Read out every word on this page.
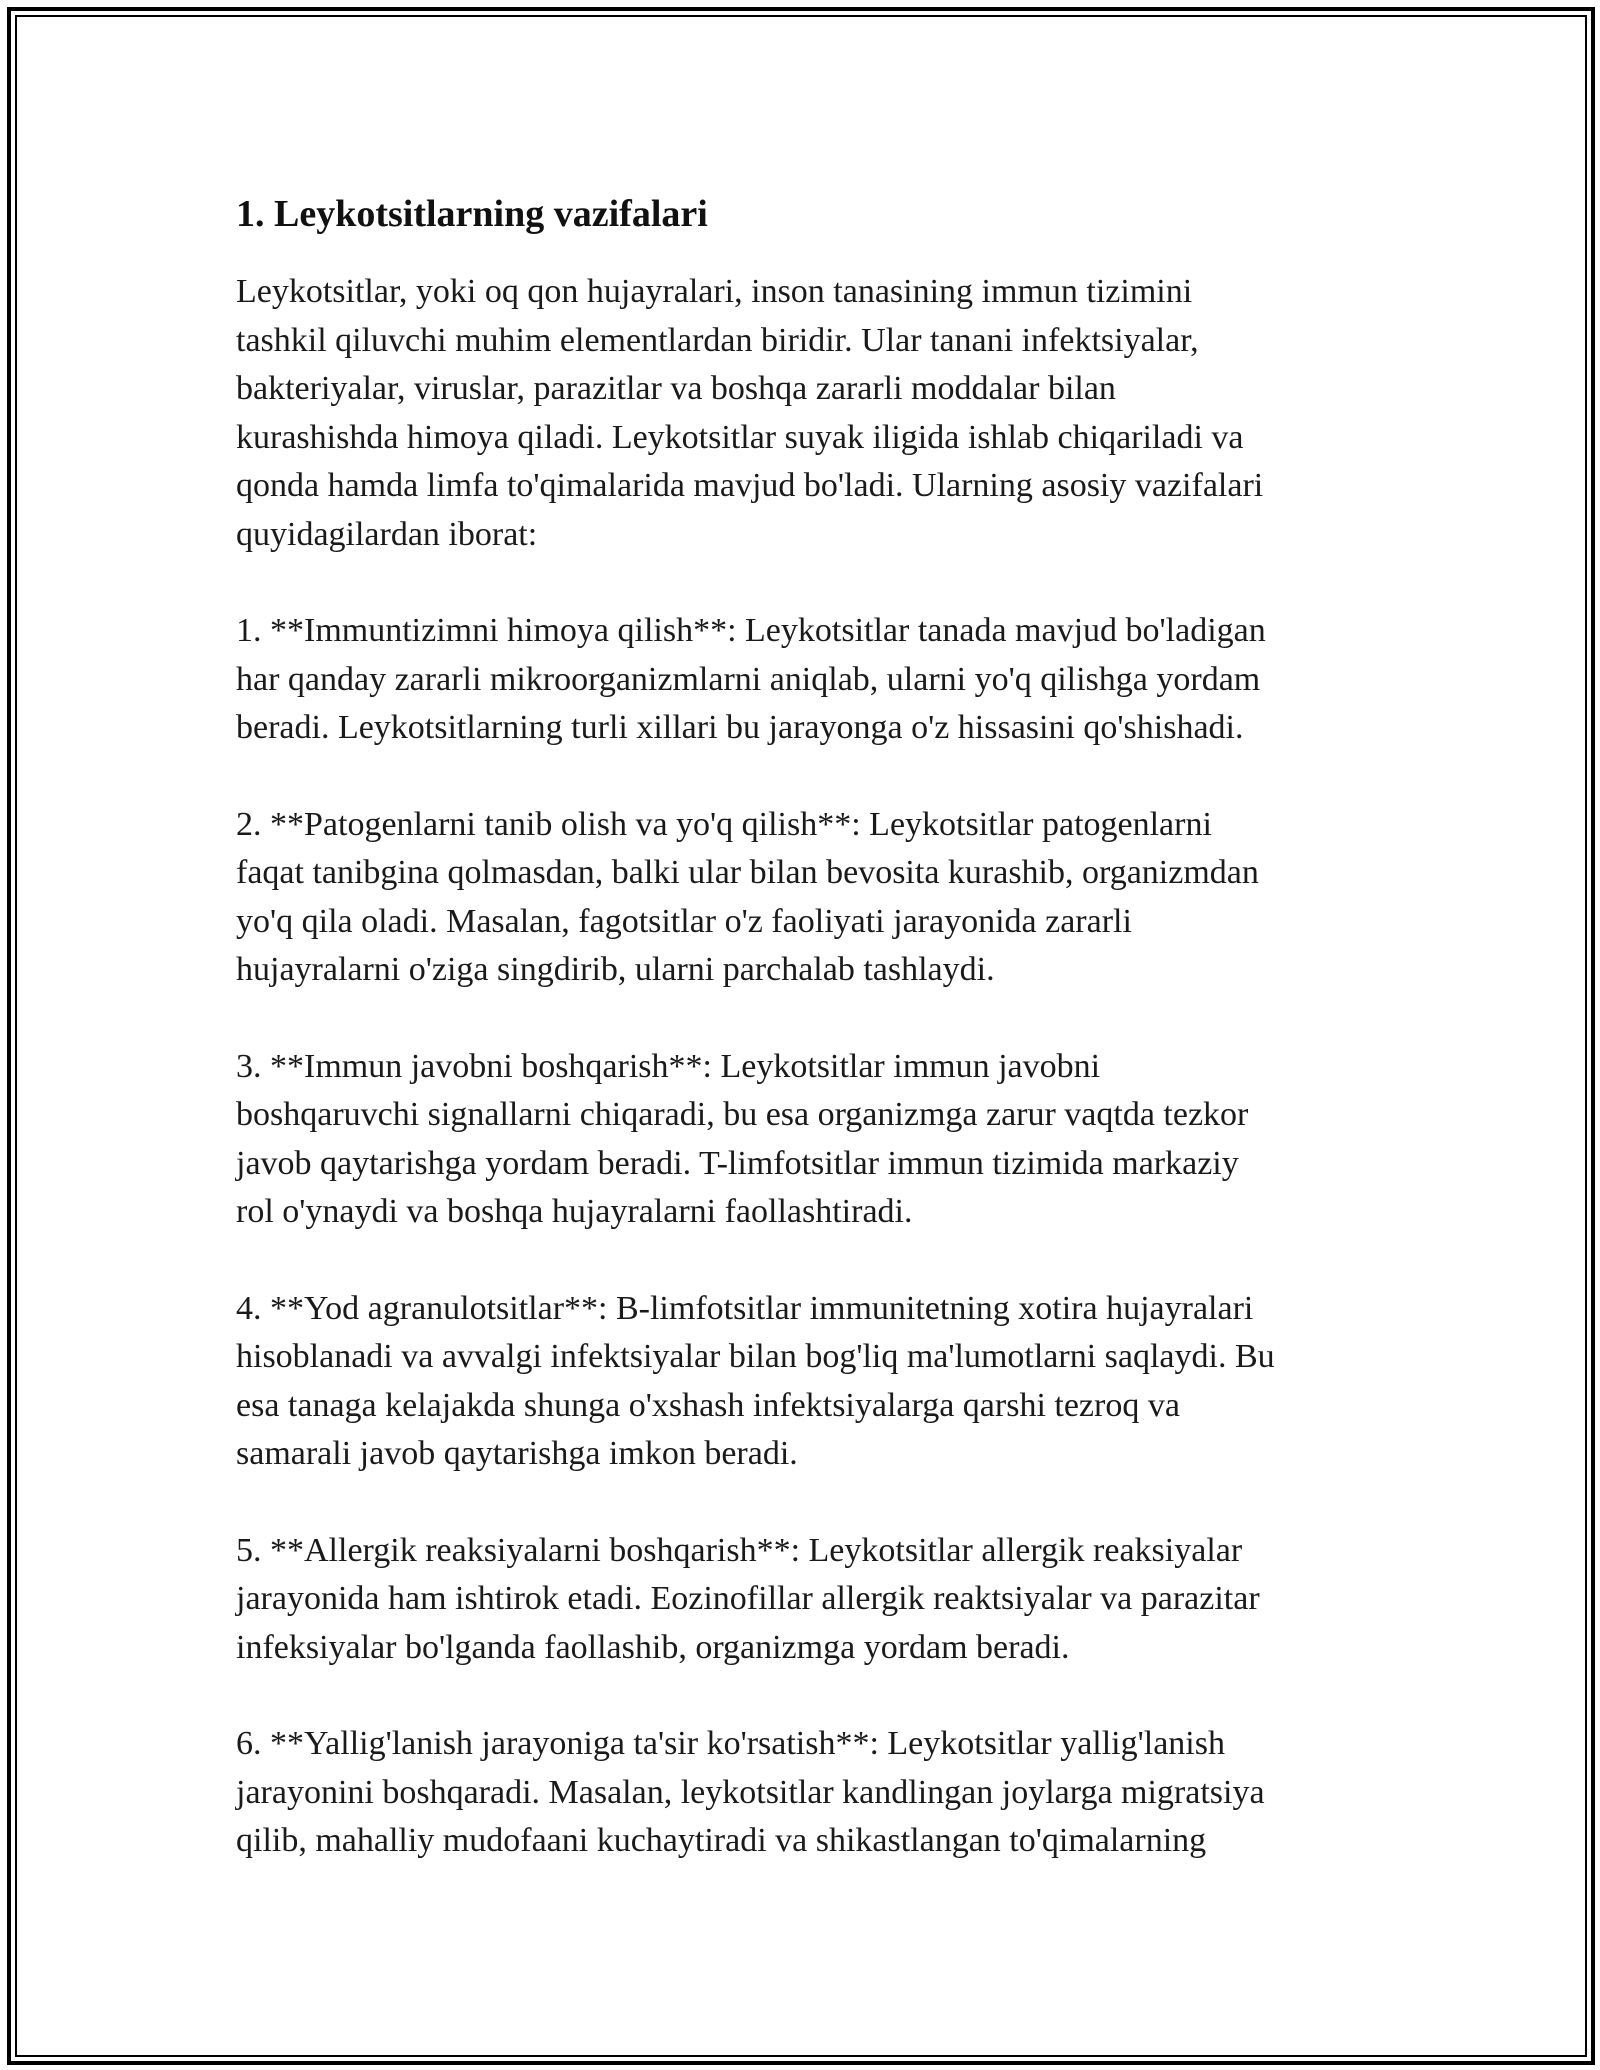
1. Leykotsitlarning vazifalari

Leykotsitlar, yoki oq qon hujayralari, inson tanasining immun tizimini
tashkil qiluvchi muhim elementlardan biridir. Ular tanani infektsiyalar,
bakteriyalar, viruslar, parazitlar va boshqa zararli moddalar bilan
kurashishda himoya qiladi. Leykotsitlar suyak iligida ishlab chiqariladi va
qonda hamda limfa to'qimalarida mavjud bo'ladi. Ularning asosiy vazifalari
quyidagilardan iborat:

1. **Immuntizimni himoya qilish**: Leykotsitlar tanada mavjud bo'ladigan
har qanday zararli mikroorganizmlarni aniqlab, ularni yo'q qilishga yordam
beradi. Leykotsitlarning turli xillari bu jarayonga o'z hissasini qo'shishadi.

2. **Patogenlarni tanib olish va yo'q qilish**: Leykotsitlar patogenlarni
faqat tanibgina qolmasdan, balki ular bilan bevosita kurashib, organizmdan
yo'q qila oladi. Masalan, fagotsitlar o'z faoliyati jarayonida zararli
hujayralarni o'ziga singdirib, ularni parchalab tashlaydi.

3. **Immun javobni boshqarish**: Leykotsitlar immun javobni
boshqaruvchi signallarni chiqaradi, bu esa organizmga zarur vaqtda tezkor
javob qaytarishga yordam beradi. T-limfotsitlar immun tizimida markaziy
rol o'ynaydi va boshqa hujayralarni faollashtiradi.

4. **Yod agranulotsitlar**: B-limfotsitlar immunitetning xotira hujayralari
hisoblanadi va avvalgi infektsiyalar bilan bog'liq ma'lumotlarni saqlaydi. Bu
esa tanaga kelajakda shunga o'xshash infektsiyalarga qarshi tezroq va
samarali javob qaytarishga imkon beradi.

5. **Allergik reaksiyalarni boshqarish**: Leykotsitlar allergik reaksiyalar
jarayonida ham ishtirok etadi. Eozinofillar allergik reaktsiyalar va parazitar
infeksiyalar bo'lganda faollashib, organizmga yordam beradi.

6. **Yallig'lanish jarayoniga ta'sir ko'rsatish**: Leykotsitlar yallig'lanish
jarayonini boshqaradi. Masalan, leykotsitlar kandlingan joylarga migratsiya
qilib, mahalliy mudofaani kuchaytiradi va shikastlangan to'qimalarning
